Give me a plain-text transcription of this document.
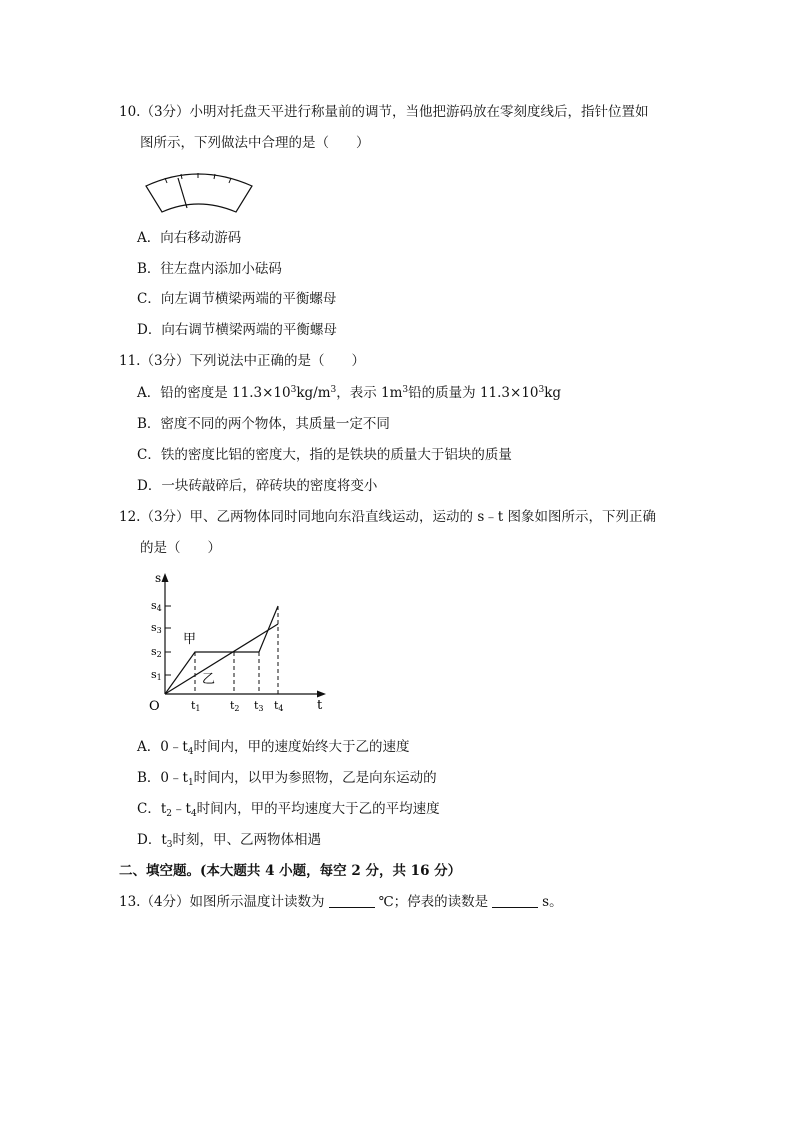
10.（3分）小明对托盘天平进行称量前的调节，当他把游码放在零刻度线后，指针位置如
图所示，下列做法中合理的是（　　）
A．向右移动游码
B．往左盘内添加小砝码
C．向左调节横梁两端的平衡螺母
D．向右调节横梁两端的平衡螺母
11.（3分）下列说法中正确的是（　　）
A．铅的密度是 $11.3\times 10^3kg/m^3$，表示 $1m^3$铅的质量为 $11.3\times 10^3kg$
B．密度不同的两个物体，其质量一定不同
C．铁的密度比铝的密度大，指的是铁块的质量大于铝块的质量
D．一块砖敲碎后，碎砖块的密度将变小
12.（3分）甲、乙两物体同时同地向东沿直线运动，运动的 s﹣t 图象如图所示，下列正确
的是（　　）
s
t
O
s4
s3
s2
s1
甲
乙
t1	t2 t3 t4
A．$0﹣t_4$时间内，甲的速度始终大于乙的速度
B．$0﹣t_1$时间内，以甲为参照物，乙是向东运动的
C．$t_2﹣t_4$时间内，甲的平均速度大于乙的平均速度
D．$t_3$时刻，甲、乙两物体相遇
二、填空题。(本大题共 4 小题，每空 2 分，共 16 分）
13.（4分）如图所示温度计读数为	℃；停表的读数是	s。
